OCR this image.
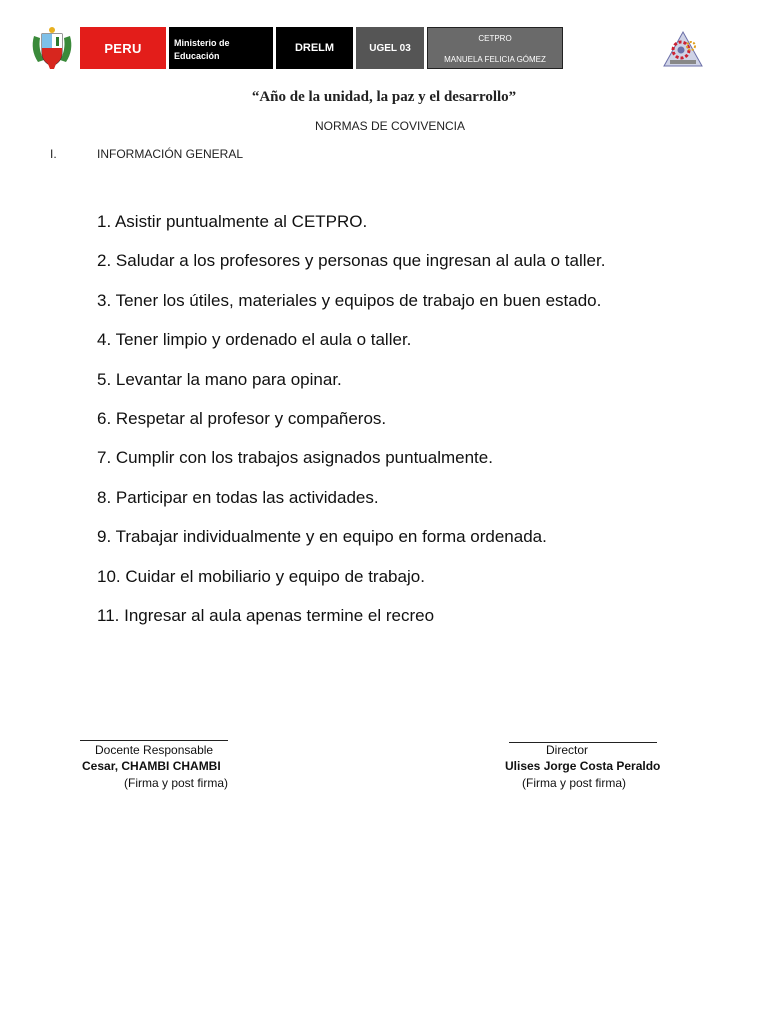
PERU	Ministerio de
Educación
DRELM	UGEL 03
CETPRO
MANUELA FELICIA GÓMEZ
“Año de la unidad, la paz y el desarrollo”
NORMAS DE COVIVENCIA
I.	INFORMACIÓN GENERAL
1. Asistir puntualmente al CETPRO.
2. Saludar a los profesores y personas que ingresan al aula o taller.
3. Tener los útiles, materiales y equipos de trabajo en buen estado.
4. Tener limpio y ordenado el aula o taller.
5. Levantar la mano para opinar.
6. Respetar al profesor y compañeros.
7. Cumplir con los trabajos asignados puntualmente.
8. Participar en todas las actividades.
9. Trabajar individualmente y en equipo en forma ordenada.
10. Cuidar el mobiliario y equipo de trabajo.
11. Ingresar al aula apenas termine el recreo
Docente Responsable
Cesar, CHAMBI CHAMBI
(Firma y post firma)
Director
Ulises Jorge Costa Peraldo
(Firma y post firma)
